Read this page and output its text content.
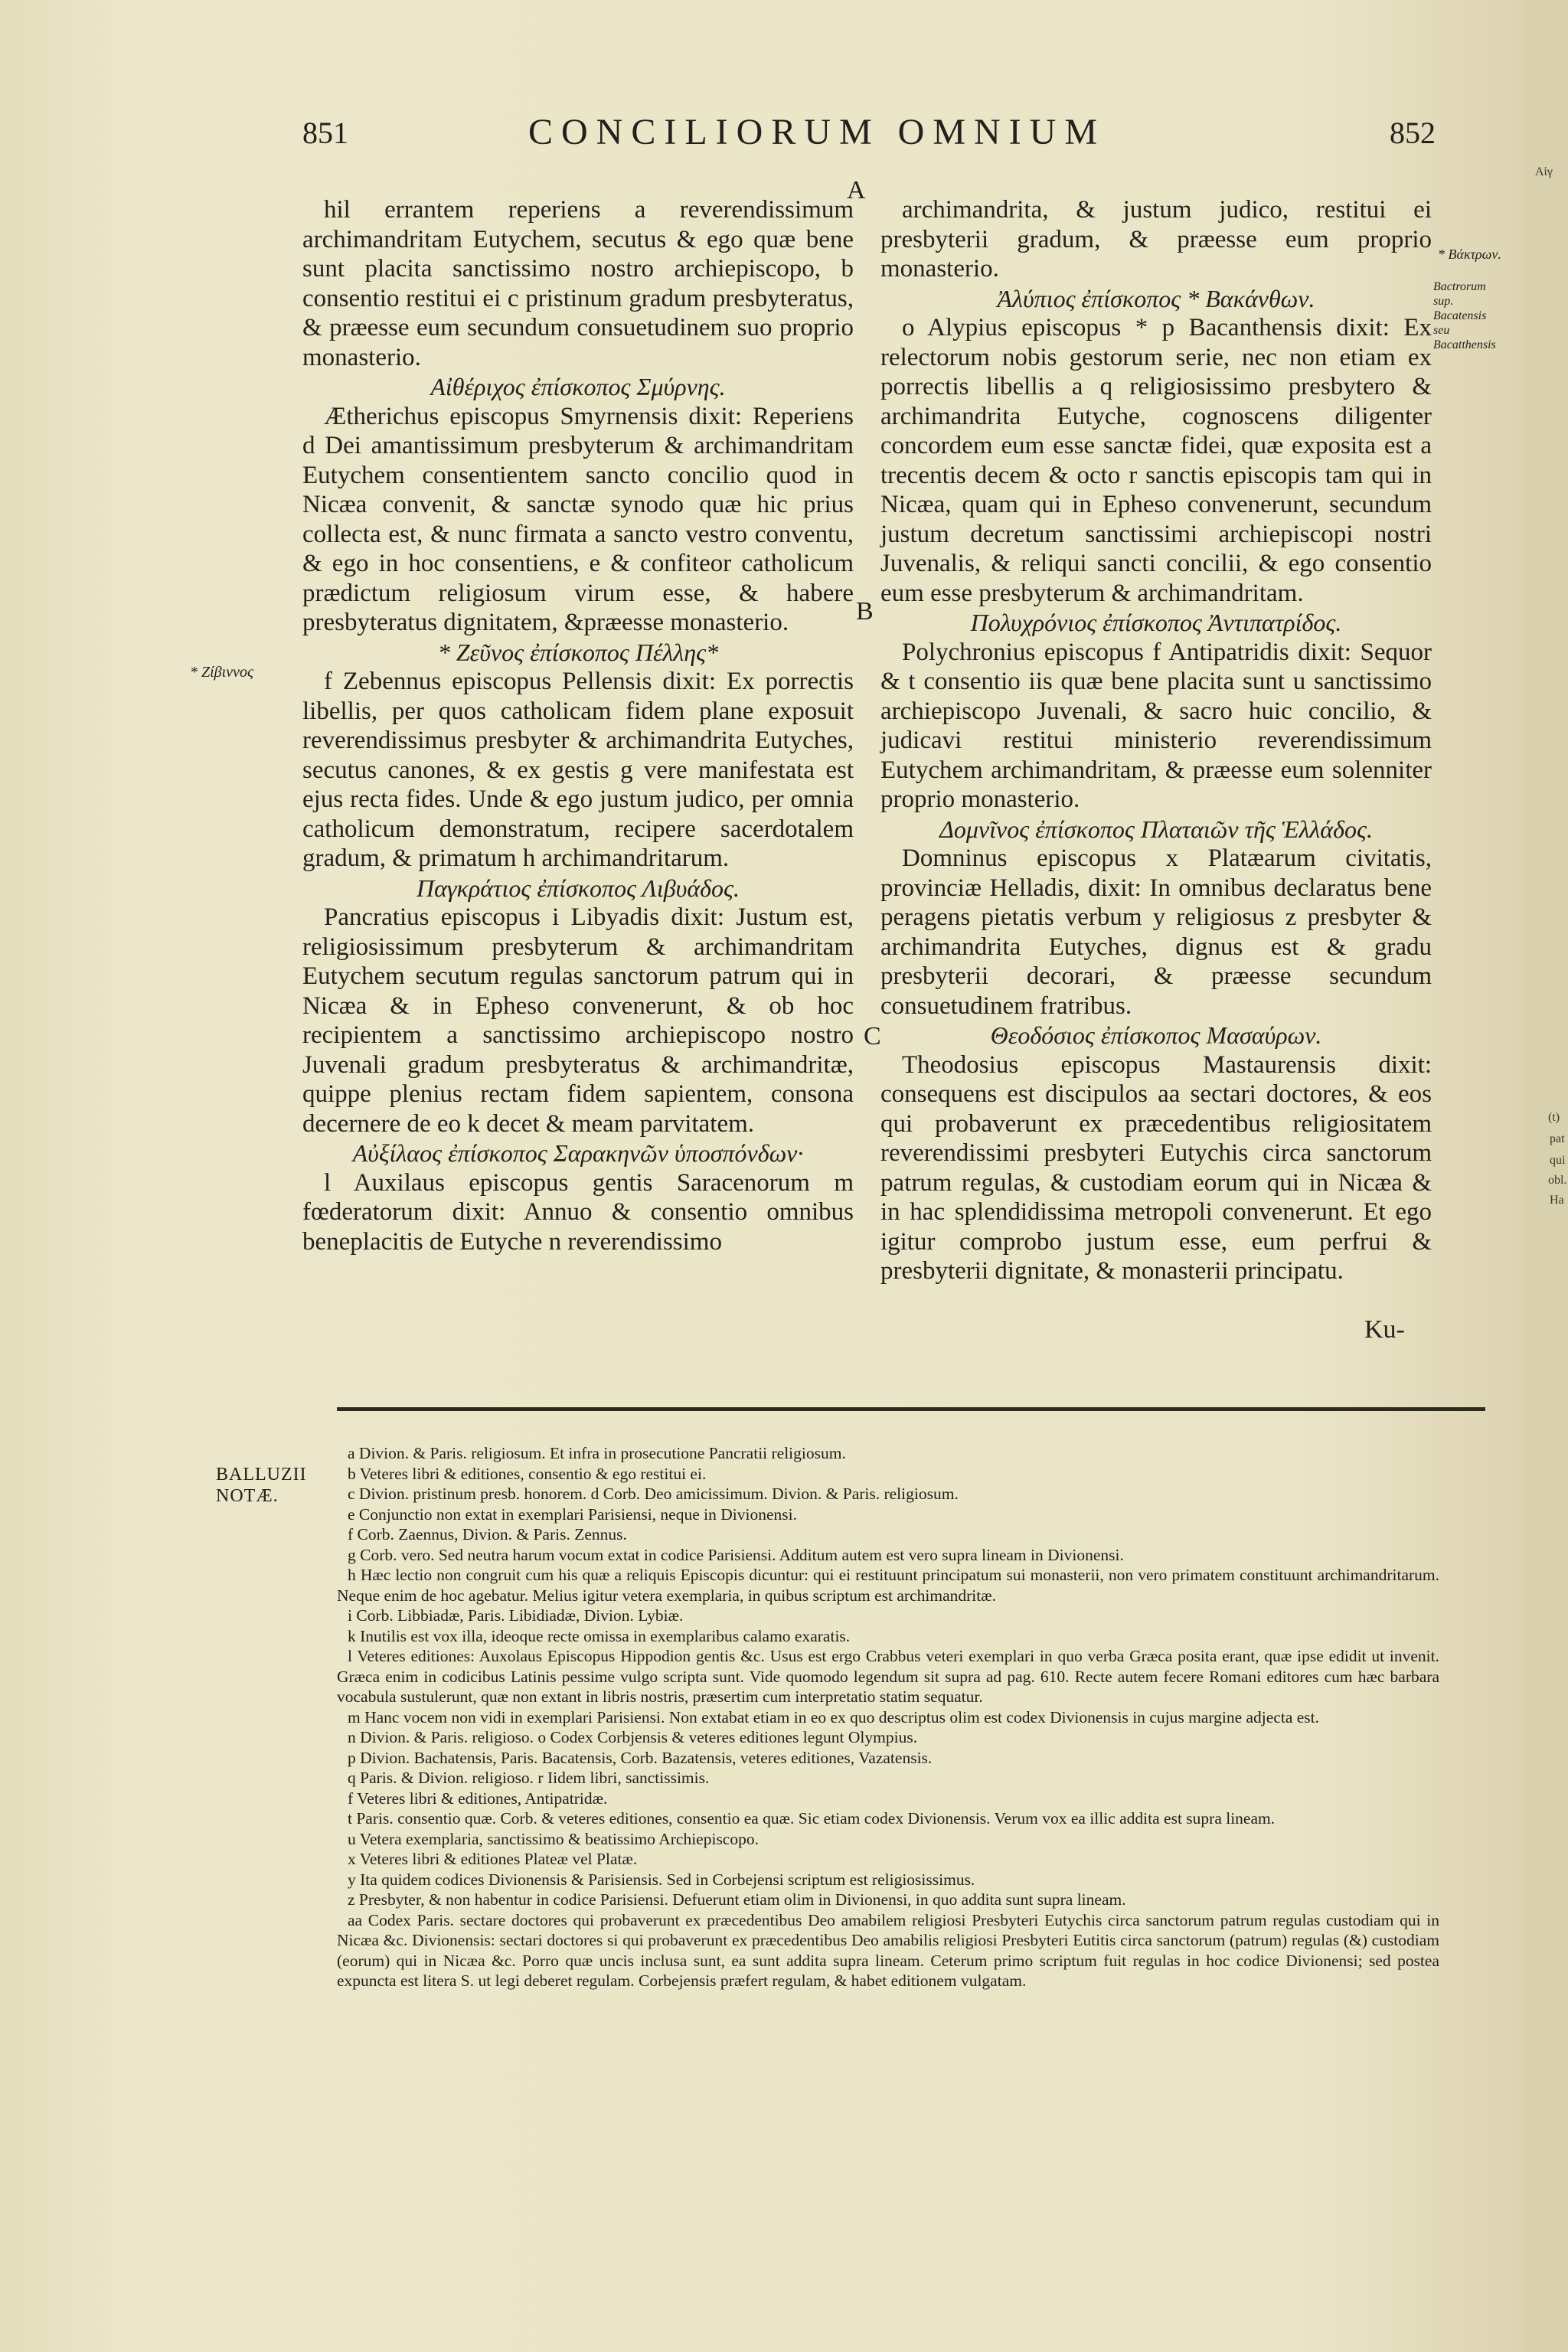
Αἰγ
(t)
pat
qui
obl.
Ha
851	CONCILIORUM OMNIUM	852

hil errantem reperiens a reverendissimum archimandritam Eutychem, secutus & ego quæ bene sunt placita sanctissimo nostro archiepiscopo, b consentio restitui ei c pristinum gradum presbyteratus, & præesse eum secundum consuetudinem suo proprio monasterio.

Αἰθέριχος ἐπίσκοπος Σμύρνης.

Ætherichus episcopus Smyrnensis dixit: Reperiens d Dei amantissimum presbyterum & archimandritam Eutychem consentientem sancto concilio quod in Nicæa convenit, & sanctæ synodo quæ hic prius collecta est, & nunc firmata a sancto vestro conventu, & ego in hoc consentiens, e & confiteor catholicum prædictum religiosum virum esse, & habere presbyteratus dignitatem, &præesse monasterio.

* Ζεῦνος ἐπίσκοπος Πέλλης*

f Zebennus episcopus Pellensis dixit: Ex porrectis libellis, per quos catholicam fidem plane exposuit reverendissimus presbyter & archimandrita Eutyches, secutus canones, & ex gestis g vere manifestata est ejus recta fides. Unde & ego justum judico, per omnia catholicum demonstratum, recipere sacerdotalem gradum, & primatum h archimandritarum.

Παγκράτιος ἐπίσκοπος Λιβυάδος.

Pancratius episcopus i Libyadis dixit: Justum est, religiosissimum presbyterum & archimandritam Eutychem secutum regulas sanctorum patrum qui in Nicæa & in Epheso convenerunt, & ob hoc recipientem a sanctissimo archiepiscopo nostro Juvenali gradum presbyteratus & archimandritæ, quippe plenius rectam fidem sapientem, consona decernere de eo k decet & meam parvitatem.

Αὐξίλαος ἐπίσκοπος Σαρακηνῶν ὑποσπόνδων·

l Auxilaus episcopus gentis Saracenorum m fœderatorum dixit: Annuo & consentio omnibus beneplacitis de Eutyche n reverendissimo

archimandrita, & justum judico, restitui ei presbyterii gradum, & præesse eum proprio monasterio.

Ἀλύπιος ἐπίσκοπος * Βακάνθων.

o Alypius episcopus * p Bacanthensis dixit: Ex relectorum nobis gestorum serie, nec non etiam ex porrectis libellis a q religiosissimo presbytero & archimandrita Eutyche, cognoscens diligenter concordem eum esse sanctæ fidei, quæ exposita est a trecentis decem & octo r sanctis episcopis tam qui in Nicæa, quam qui in Epheso convenerunt, secundum justum decretum sanctissimi archiepiscopi nostri Juvenalis, & reliqui sancti concilii, & ego consentio eum esse presbyterum & archimandritam.

Πολυχρόνιος ἐπίσκοπος Ἀντιπατρίδος.

Polychronius episcopus f Antipatridis dixit: Sequor & t consentio iis quæ bene placita sunt u sanctissimo archiepiscopo Juvenali, & sacro huic concilio, & judicavi restitui ministerio reverendissimum Eutychem archimandritam, & præesse eum solenniter proprio monasterio.

Δομνῖνος ἐπίσκοπος Πλαταιῶν τῆς Ἑλλάδος.

Domninus episcopus x Platæarum civitatis, provinciæ Helladis, dixit: In omnibus declaratus bene peragens pietatis verbum y religiosus z presbyter & archimandrita Eutyches, dignus est & gradu presbyterii decorari, & præesse secundum consuetudinem fratribus.

Θεοδόσιος ἐπίσκοπος Μασαύρων.

Theodosius episcopus Mastaurensis dixit: consequens est discipulos aa sectari doctores, & eos qui probaverunt ex præcedentibus religiositatem reverendissimi presbyteri Eutychis circa sanctorum patrum regulas, & custodiam eorum qui in Nicæa & in hac splendidissima metropoli convenerunt. Et ego igitur comprobo justum esse, eum perfrui & presbyterii dignitate, & monasterii principatu.

A
B
C
* Ζίβιννος
* Βάκτρων.
Bactrorum sup. Bacatensis seu Bacatthensis
Ku-
BALLUZII NOTÆ.

a Divion. & Paris. religiosum. Et infra in prosecutione Pancratii religiosum.

b Veteres libri & editiones, consentio & ego restitui ei.

c Divion. pristinum presb. honorem. d Corb. Deo amicissimum. Divion. & Paris. religiosum.

e Conjunctio non extat in exemplari Parisiensi, neque in Divionensi.

f Corb. Zaennus, Divion. & Paris. Zennus.

g Corb. vero. Sed neutra harum vocum extat in codice Parisiensi. Additum autem est vero supra lineam in Divionensi.

h Hæc lectio non congruit cum his quæ a reliquis Episcopis dicuntur: qui ei restituunt principatum sui monasterii, non vero primatem constituunt archimandritarum. Neque enim de hoc agebatur. Melius igitur vetera exemplaria, in quibus scriptum est archimandritæ.

i Corb. Libbiadæ, Paris. Libidiadæ, Divion. Lybiæ.

k Inutilis est vox illa, ideoque recte omissa in exemplaribus calamo exaratis.

l Veteres editiones: Auxolaus Episcopus Hippodion gentis &c. Usus est ergo Crabbus veteri exemplari in quo verba Græca posita erant, quæ ipse edidit ut invenit. Græca enim in codicibus Latinis pessime vulgo scripta sunt. Vide quomodo legendum sit supra ad pag. 610. Recte autem fecere Romani editores cum hæc barbara vocabula sustulerunt, quæ non extant in libris nostris, præsertim cum interpretatio statim sequatur.

m Hanc vocem non vidi in exemplari Parisiensi. Non extabat etiam in eo ex quo descriptus olim est codex Divionensis in cujus margine adjecta est.

n Divion. & Paris. religioso. o Codex Corbjensis & veteres editiones legunt Olympius.

p Divion. Bachatensis, Paris. Bacatensis, Corb. Bazatensis, veteres editiones, Vazatensis.

q Paris. & Divion. religioso. r Iidem libri, sanctissimis.

f Veteres libri & editiones, Antipatridæ.

t Paris. consentio quæ. Corb. & veteres editiones, consentio ea quæ. Sic etiam codex Divionensis. Verum vox ea illic addita est supra lineam.

u Vetera exemplaria, sanctissimo & beatissimo Archiepiscopo.

x Veteres libri & editiones Plateæ vel Platæ.

y Ita quidem codices Divionensis & Parisiensis. Sed in Corbejensi scriptum est religiosissimus.

z Presbyter, & non habentur in codice Parisiensi. Defuerunt etiam olim in Divionensi, in quo addita sunt supra lineam.

aa Codex Paris. sectare doctores qui probaverunt ex præcedentibus Deo amabilem religiosi Presbyteri Eutychis circa sanctorum patrum regulas custodiam qui in Nicæa &c. Divionensis: sectari doctores si qui probaverunt ex præcedentibus Deo amabilis religiosi Presbyteri Eutitis circa sanctorum (patrum) regulas (&) custodiam (eorum) qui in Nicæa &c. Porro quæ uncis inclusa sunt, ea sunt addita supra lineam. Ceterum primo scriptum fuit regulas in hoc codice Divionensi; sed postea expuncta est litera S. ut legi deberet regulam. Corbejensis præfert regulam, & habet editionem vulgatam.
